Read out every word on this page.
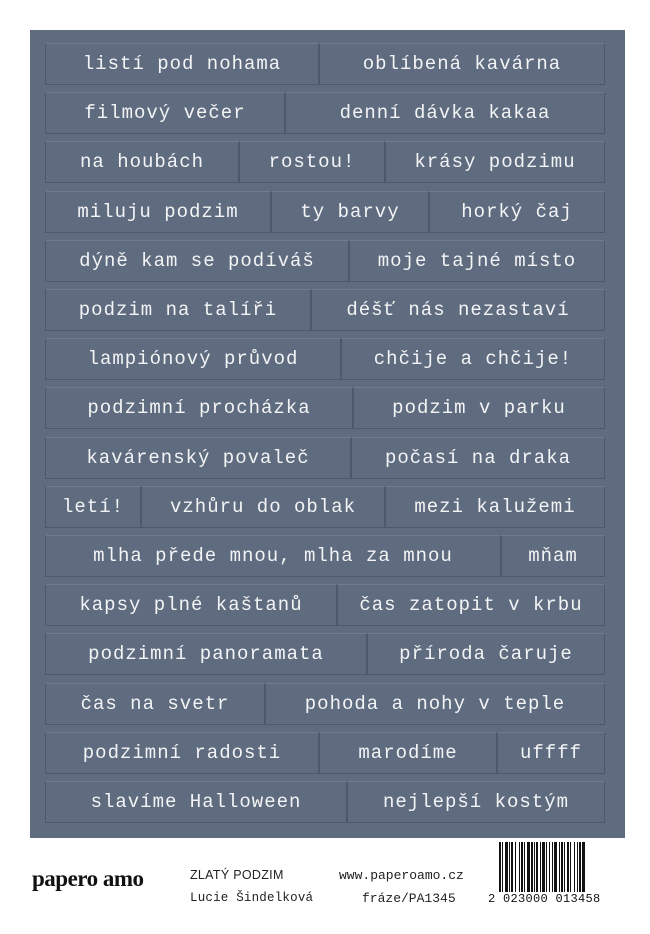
listí pod nohama	oblíbená kavárna
filmový večer	denní dávka kakaa
na houbách	rostou!	krásy podzimu
miluju podzim	ty barvy	horký čaj
dýně kam se podíváš	moje tajné místo
podzim na talíři	déšť nás nezastaví
lampiónový průvod	chčije a chčije!
podzimní procházka	podzim v parku
kavárenský povaleč	počasí na draka
letí!	vzhůru do oblak	mezi kalužemi
mlha přede mnou, mlha za mnou	mňam
kapsy plné kaštanů	čas zatopit v krbu
podzimní panoramata	příroda čaruje
čas na svetr	pohoda a nohy v teple
podzimní radosti	marodíme	uffff
slavíme Halloween	nejlepší kostým
papero amo	ZLATÝ PODZIM
Lucie Šindelková
www.paperoamo.cz
fráze/PA1345	2 023000 013458
